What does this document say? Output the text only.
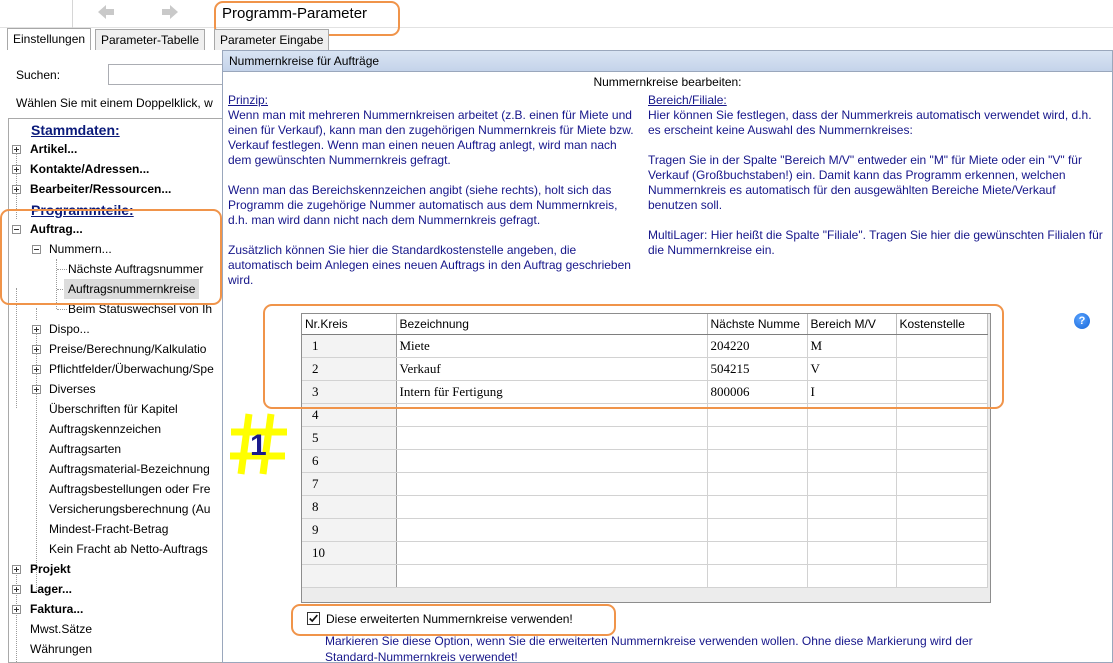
Programm-Parameter
Einstellungen	Parameter-Tabelle	Parameter Eingabe
Suchen:
Wählen Sie mit einem Doppelklick, w
Stammdaten:
Artikel...
Kontakte/Adressen...
Bearbeiter/Ressourcen...
Programmteile:
Auftrag...
Nummern...
Nächste Auftragsnummer
Auftragsnummernkreise
Beim Statuswechsel von Ih
Dispo...
Preise/Berechnung/Kalkulatio
Pflichtfelder/Überwachung/Spe
Diverses
Überschriften für Kapitel
Auftragskennzeichen
Auftragsarten
Auftragsmaterial-Bezeichnung
Auftragsbestellungen oder Fre
Versicherungsberechnung (Au
Mindest-Fracht-Betrag
Kein Fracht ab Netto-Auftrags
Projekt
Lager...
Faktura...
Mwst.Sätze
Währungen
Nummernkreise für Aufträge
Nummernkreise bearbeiten:
Prinzip:
Wenn man mit mehreren Nummernkreisen arbeitet (z.B. einen für Miete und einen für Verkauf), kann man den zugehörigen Nummernkreis für Miete bzw. Verkauf festlegen. Wenn man einen neuen Auftrag anlegt, wird man nach dem gewünschten Nummernkreis gefragt.
Wenn man das Bereichskennzeichen angibt (siehe rechts), holt sich das Programm die zugehörige Nummer automatisch aus dem Nummernkreis, d.h. man wird dann nicht nach dem Nummernkreis gefragt.
Zusätzlich können Sie hier die Standardkostenstelle angeben, die automatisch beim Anlegen eines neuen Auftrags in den Auftrag geschrieben wird.
Bereich/Filiale:
Hier können Sie festlegen, dass der Nummerkreis automatisch verwendet wird, d.h. es erscheint keine Auswahl des Nummernkreises:
Tragen Sie in der Spalte "Bereich M/V" entweder ein "M" für Miete oder ein "V" für Verkauf (Großbuchstaben!) ein. Damit kann das Programm erkennen, welchen Nummernkreis es automatisch für den ausgewählten Bereiche Miete/Verkauf benutzen soll.
MultiLager: Hier heißt die Spalte "Filiale". Tragen Sie hier die gewünschten Filialen für die Nummernkreise ein.
?
Nr.Kreis	Bezeichnung	Nächste Numme	Bereich M/V	Kostenstelle
1	Miete	204220	M	
2	Verkauf	504215	V	
3	Intern für Fertigung	800006	I	
4				
5				
6				
7				
8				
9				
10				

1
Diese erweiterten Nummernkreise verwenden!
Markieren Sie diese Option, wenn Sie die erweiterten Nummernkreise verwenden wollen. Ohne diese Markierung wird der Standard-Nummernkreis verwendet!
